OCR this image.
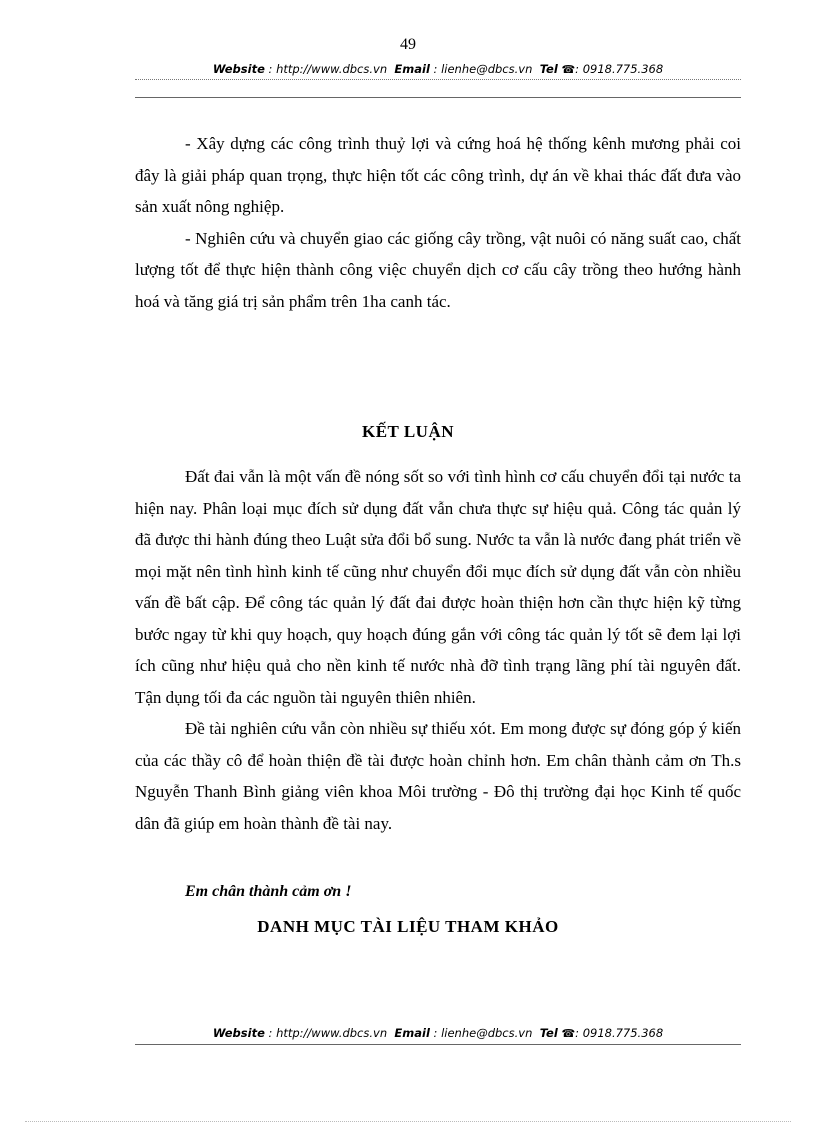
49
Website : http://www.dbcs.vn Email : lienhe@dbcs.vn Tel ☎: 0918.775.368

- Xây dựng các công trình thuỷ lợi và cứng hoá hệ thống kênh mương phải coi đây là giải pháp quan trọng, thực hiện tốt các công trình, dự án về khai thác đất đưa vào sản xuất nông nghiệp.

- Nghiên cứu và chuyển giao các giống cây trồng, vật nuôi có năng suất cao, chất lượng tốt để thực hiện thành công việc chuyển dịch cơ cấu cây trồng theo hướng hành hoá và tăng giá trị sản phẩm trên 1ha canh tác.

KẾT LUẬN

Đất đai vẫn là một vấn đề nóng sốt so với tình hình cơ cấu chuyển đổi tại nước ta hiện nay. Phân loại mục đích sử dụng đất vẫn chưa thực sự hiệu quả. Công tác quản lý đã được thi hành đúng theo Luật sửa đổi bổ sung. Nước ta vẫn là nước đang phát triển về mọi mặt nên tình hình kinh tế cũng như chuyển đổi mục đích sử dụng đất vẫn còn nhiều vấn đề bất cập. Để công tác quản lý đất đai được hoàn thiện hơn cần thực hiện kỹ từng bước ngay từ khi quy hoạch, quy hoạch đúng gắn với công tác quản lý tốt sẽ đem lại lợi ích cũng như hiệu quả cho nền kinh tế nước nhà đỡ tình trạng lãng phí tài nguyên đất. Tận dụng tối đa các nguồn tài nguyên thiên nhiên.

Đề tài nghiên cứu vẫn còn nhiều sự thiếu xót. Em mong được sự đóng góp ý kiến của các thầy cô để hoàn thiện đề tài được hoàn chỉnh hơn. Em chân thành cảm ơn Th.s Nguyễn Thanh Bình giảng viên khoa Môi trường - Đô thị trường đại học Kinh tế quốc dân đã giúp em hoàn thành đề tài nay.

Em chân thành cảm ơn !
DANH MỤC TÀI LIỆU THAM KHẢO
Website : http://www.dbcs.vn Email : lienhe@dbcs.vn Tel ☎: 0918.775.368
